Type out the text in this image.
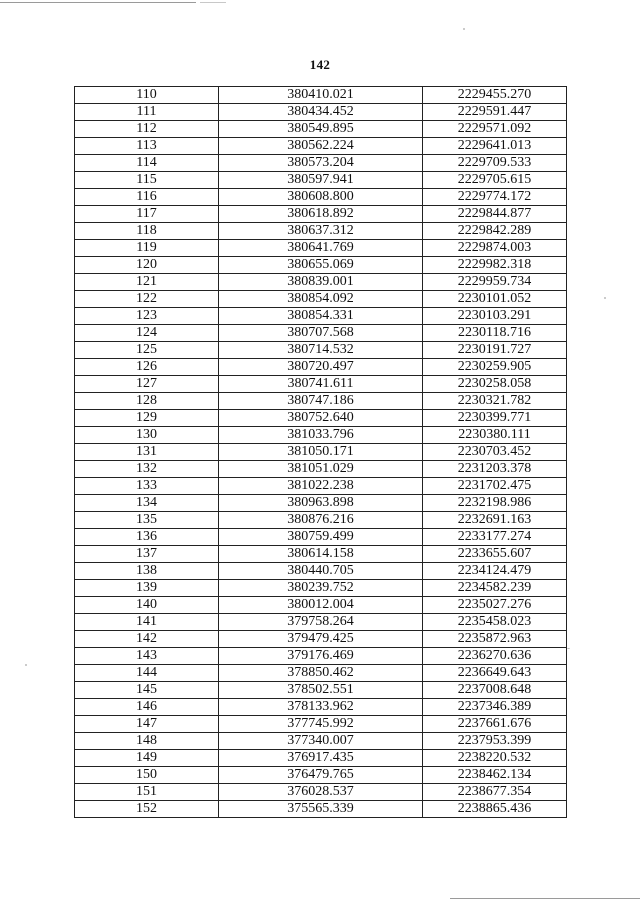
142
110	380410.021	2229455.270
111	380434.452	2229591.447
112	380549.895	2229571.092
113	380562.224	2229641.013
114	380573.204	2229709.533
115	380597.941	2229705.615
116	380608.800	2229774.172
117	380618.892	2229844.877
118	380637.312	2229842.289
119	380641.769	2229874.003
120	380655.069	2229982.318
121	380839.001	2229959.734
122	380854.092	2230101.052
123	380854.331	2230103.291
124	380707.568	2230118.716
125	380714.532	2230191.727
126	380720.497	2230259.905
127	380741.611	2230258.058
128	380747.186	2230321.782
129	380752.640	2230399.771
130	381033.796	2230380.111
131	381050.171	2230703.452
132	381051.029	2231203.378
133	381022.238	2231702.475
134	380963.898	2232198.986
135	380876.216	2232691.163
136	380759.499	2233177.274
137	380614.158	2233655.607
138	380440.705	2234124.479
139	380239.752	2234582.239
140	380012.004	2235027.276
141	379758.264	2235458.023
142	379479.425	2235872.963
143	379176.469	2236270.636
144	378850.462	2236649.643
145	378502.551	2237008.648
146	378133.962	2237346.389
147	377745.992	2237661.676
148	377340.007	2237953.399
149	376917.435	2238220.532
150	376479.765	2238462.134
151	376028.537	2238677.354
152	375565.339	2238865.436
